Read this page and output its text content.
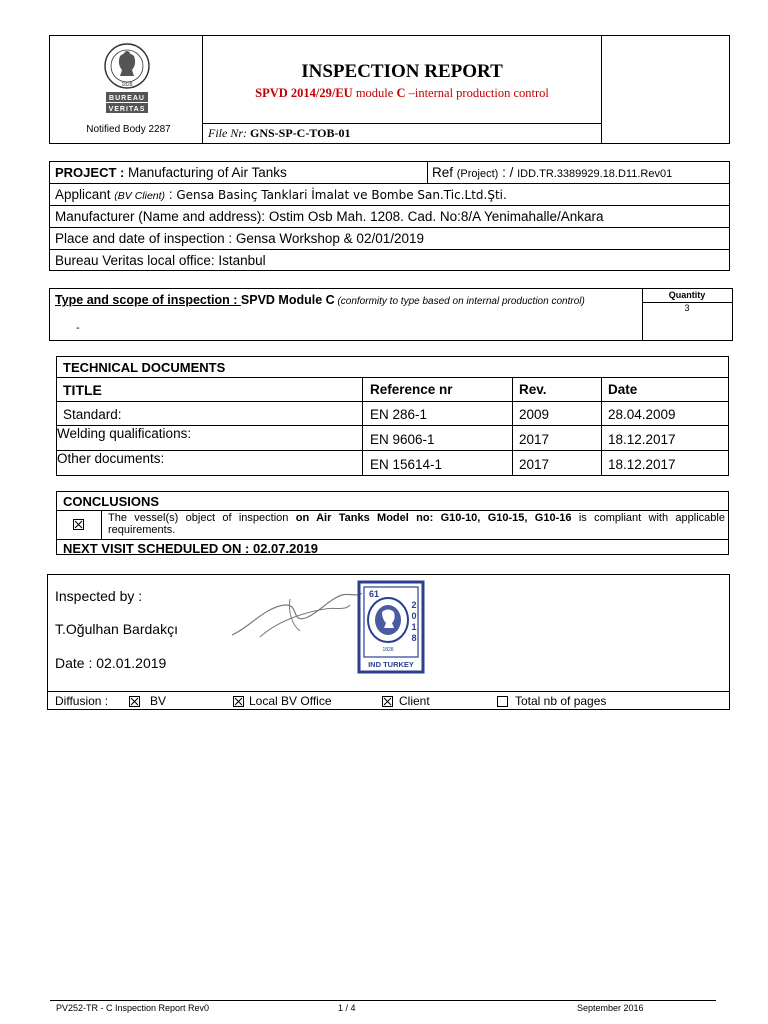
BUREAU
VERITAS
1828
Notified Body 2287
INSPECTION REPORT
SPVD 2014/29/EU module C –internal production control
File Nr: GNS-SP-C-TOB-01
PROJECT : Manufacturing of Air Tanks	Ref (Project) : / IDD.TR.3389929.18.D11.Rev01
Applicant (BV Client) : Gensa Basinç Tanklari İmalat ve Bombe San.Tic.Ltd.Şti.
Manufacturer (Name and address): Ostim Osb Mah. 1208. Cad. No:8/A Yenimahalle/Ankara
Place and date of inspection : Gensa Workshop & 02/01/2019
Bureau Veritas local office: Istanbul
Type and scope of inspection : SPVD Module C (conformity to type based on internal production control)
-
Quantity
3
TECHNICAL DOCUMENTS
TITLE	Reference nr	Rev.	Date
Standard:	EN 286-1	2009	28.04.2009
Welding qualifications:	EN 9606-1	2017	18.12.2017
Other documents:	EN 15614-1	2017	18.12.2017
CONCLUSIONS
The vessel(s) object of inspection on Air Tanks Model no: G10-10, G10-15, G10-16 is compliant with applicable requirements.
NEXT VISIT SCHEDULED ON : 02.07.2019
Inspected by :
T.Oğulhan Bardakçı
Date : 02.01.2019
61
2
0
1
8
1828
IND TURKEY
Diffusion :	BV	Local BV Office	Client	Total nb of pages
PV252-TR - C Inspection Report Rev0	1 / 4	September 2016
